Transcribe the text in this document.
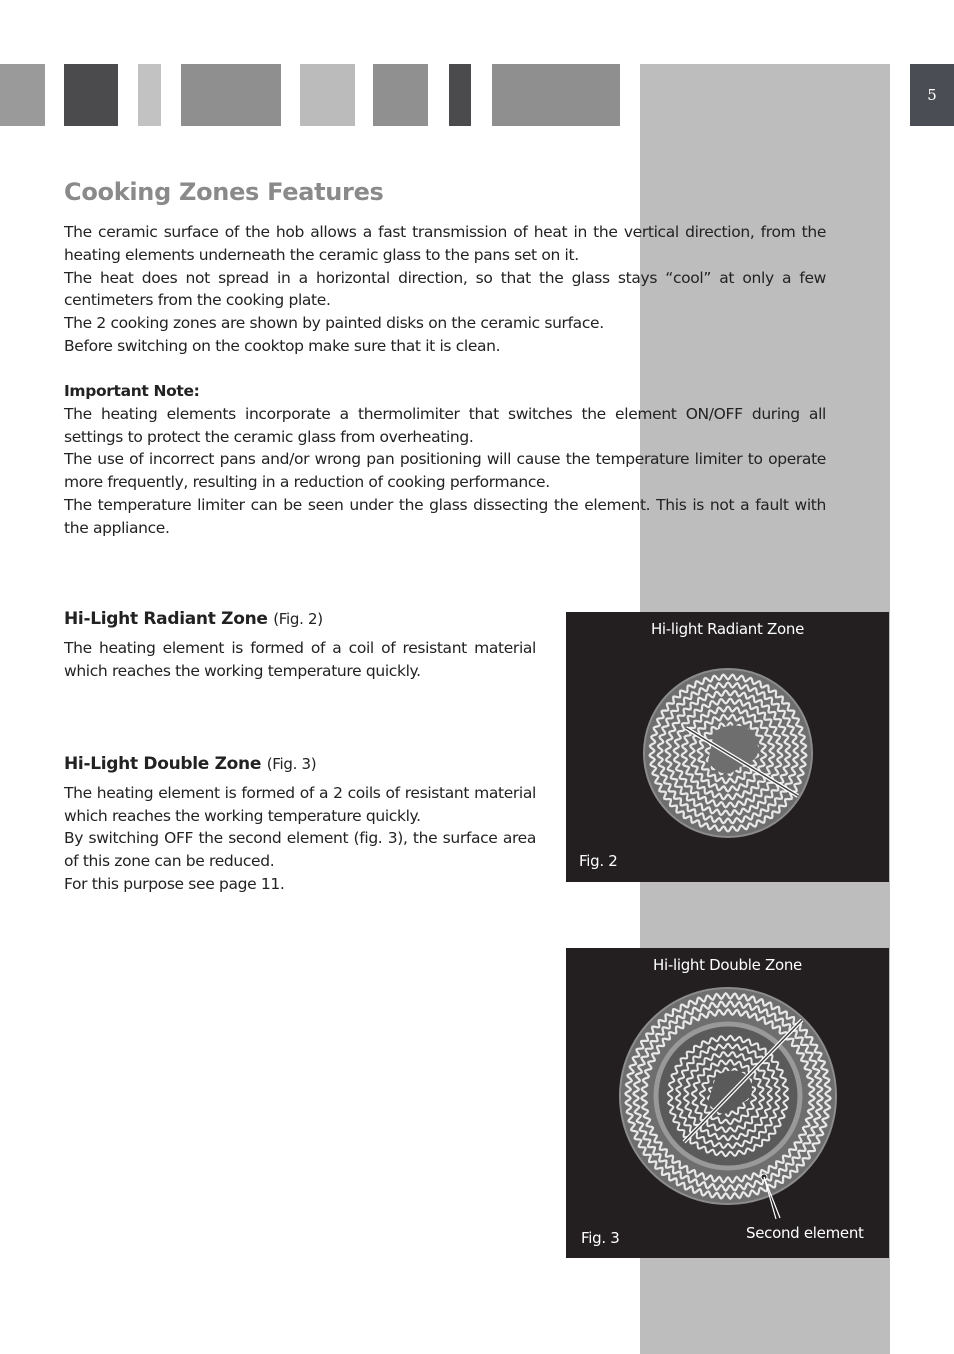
5
Cooking Zones Features

The ceramic surface of the hob allows a fast transmission of heat in the vertical direction, from the heating elements underneath the ceramic glass to the pans set on it.

The heat does not spread in a horizontal direction, so that the glass stays “cool” at only a few centimeters from the cooking plate.

The 2 cooking zones are shown by painted disks on the ceramic surface.

Before switching on the cooktop make sure that it is clean.

Important Note:

The heating elements incorporate a thermolimiter that switches the element ON/OFF during all settings to protect the ceramic glass from overheating.

The use of incorrect pans and/or wrong pan positioning will cause the temperature limiter to operate more frequently, resulting in a reduction of cooking performance.

The temperature limiter can be seen under the glass dissecting the element. This is not a fault with the appliance.

Hi-Light Radiant Zone (Fig. 2)

The heating element is formed of a coil of resistant material which reaches the working temperature quickly.

Hi-Light Double Zone (Fig. 3)

The heating element is formed of a 2 coils of resistant material which reaches the working temperature quickly.

By switching OFF the second element (fig. 3), the surface area of this zone can be reduced.

For this purpose see page 11.

Hi-light Radiant Zone
Fig. 2
Hi-light Double Zone
Fig. 3	Second element
